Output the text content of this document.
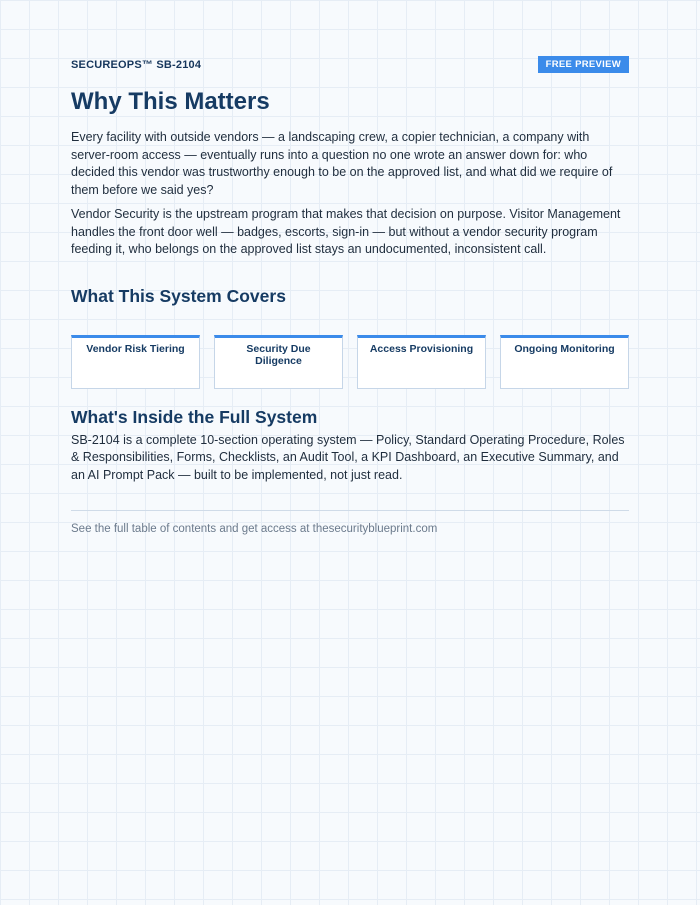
SECUREOPS™ SB-2104	FREE PREVIEW
Why This Matters

Every facility with outside vendors — a landscaping crew, a copier technician, a company with server-room access — eventually runs into a question no one wrote an answer down for: who decided this vendor was trustworthy enough to be on the approved list, and what did we require of them before we said yes?

Vendor Security is the upstream program that makes that decision on purpose. Visitor Management handles the front door well — badges, escorts, sign-in — but without a vendor security program feeding it, who belongs on the approved list stays an undocumented, inconsistent call.

What This System Covers
Vendor Risk Tiering	Security Due Diligence
Access Provisioning	Ongoing Monitoring
What's Inside the Full System

SB-2104 is a complete 10-section operating system — Policy, Standard Operating Procedure, Roles & Responsibilities, Forms, Checklists, an Audit Tool, a KPI Dashboard, an Executive Summary, and an AI Prompt Pack — built to be implemented, not just read.

See the full table of contents and get access at thesecurityblueprint.com
